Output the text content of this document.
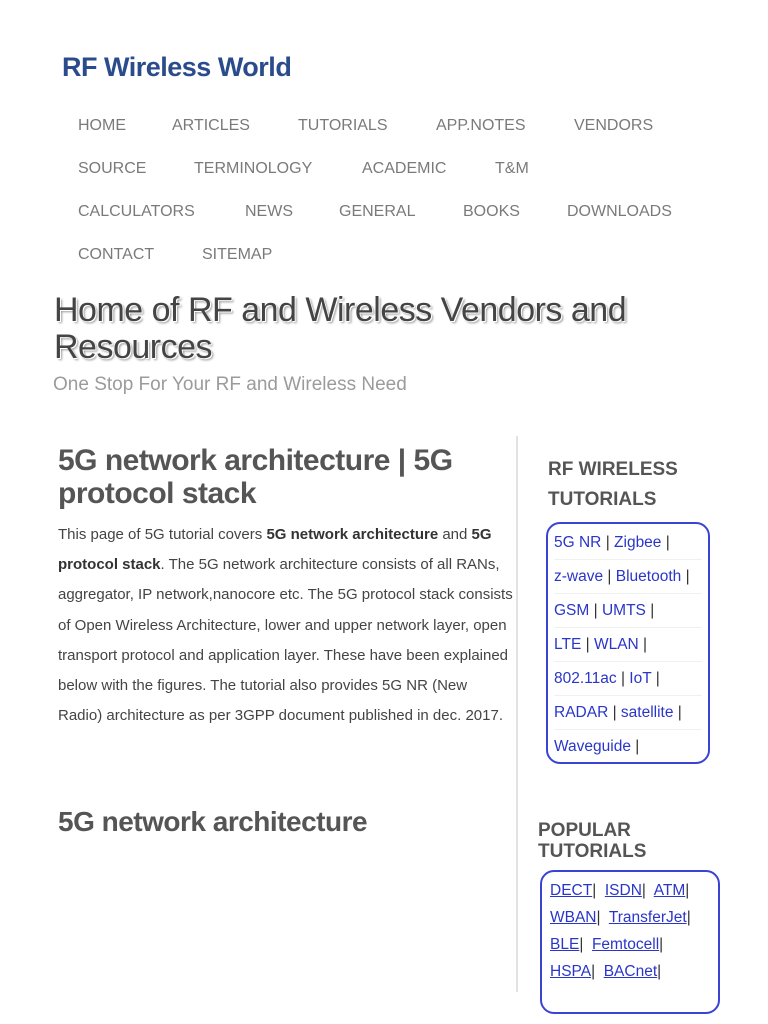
RF Wireless World
HOME	ARTICLES	TUTORIALS	APP.NOTES	VENDORS
SOURCE	TERMINOLOGY	ACADEMIC	T&M
CALCULATORS	NEWS	GENERAL	BOOKS	DOWNLOADS
CONTACT	SITEMAP
Home of RF and Wireless Vendors and Resources
One Stop For Your RF and Wireless Need
5G network architecture | 5G protocol stack
This page of 5G tutorial covers 5G network architecture and 5G protocol stack. The 5G network architecture consists of all RANs, aggregator, IP network,nanocore etc. The 5G protocol stack consists of Open Wireless Architecture, lower and upper network layer, open transport protocol and application layer. These have been explained below with the figures. The tutorial also provides 5G NR (New Radio) architecture as per 3GPP document published in dec. 2017.
5G network architecture
RF WIRELESS TUTORIALS
5G NR | Zigbee |
z-wave | Bluetooth |
GSM | UMTS |
LTE | WLAN |
802.11ac | IoT |
RADAR | satellite |
Waveguide |
POPULAR TUTORIALS
DECT| ISDN| ATM|
WBAN| TransferJet|
BLE| Femtocell|
HSPA| BACnet|
